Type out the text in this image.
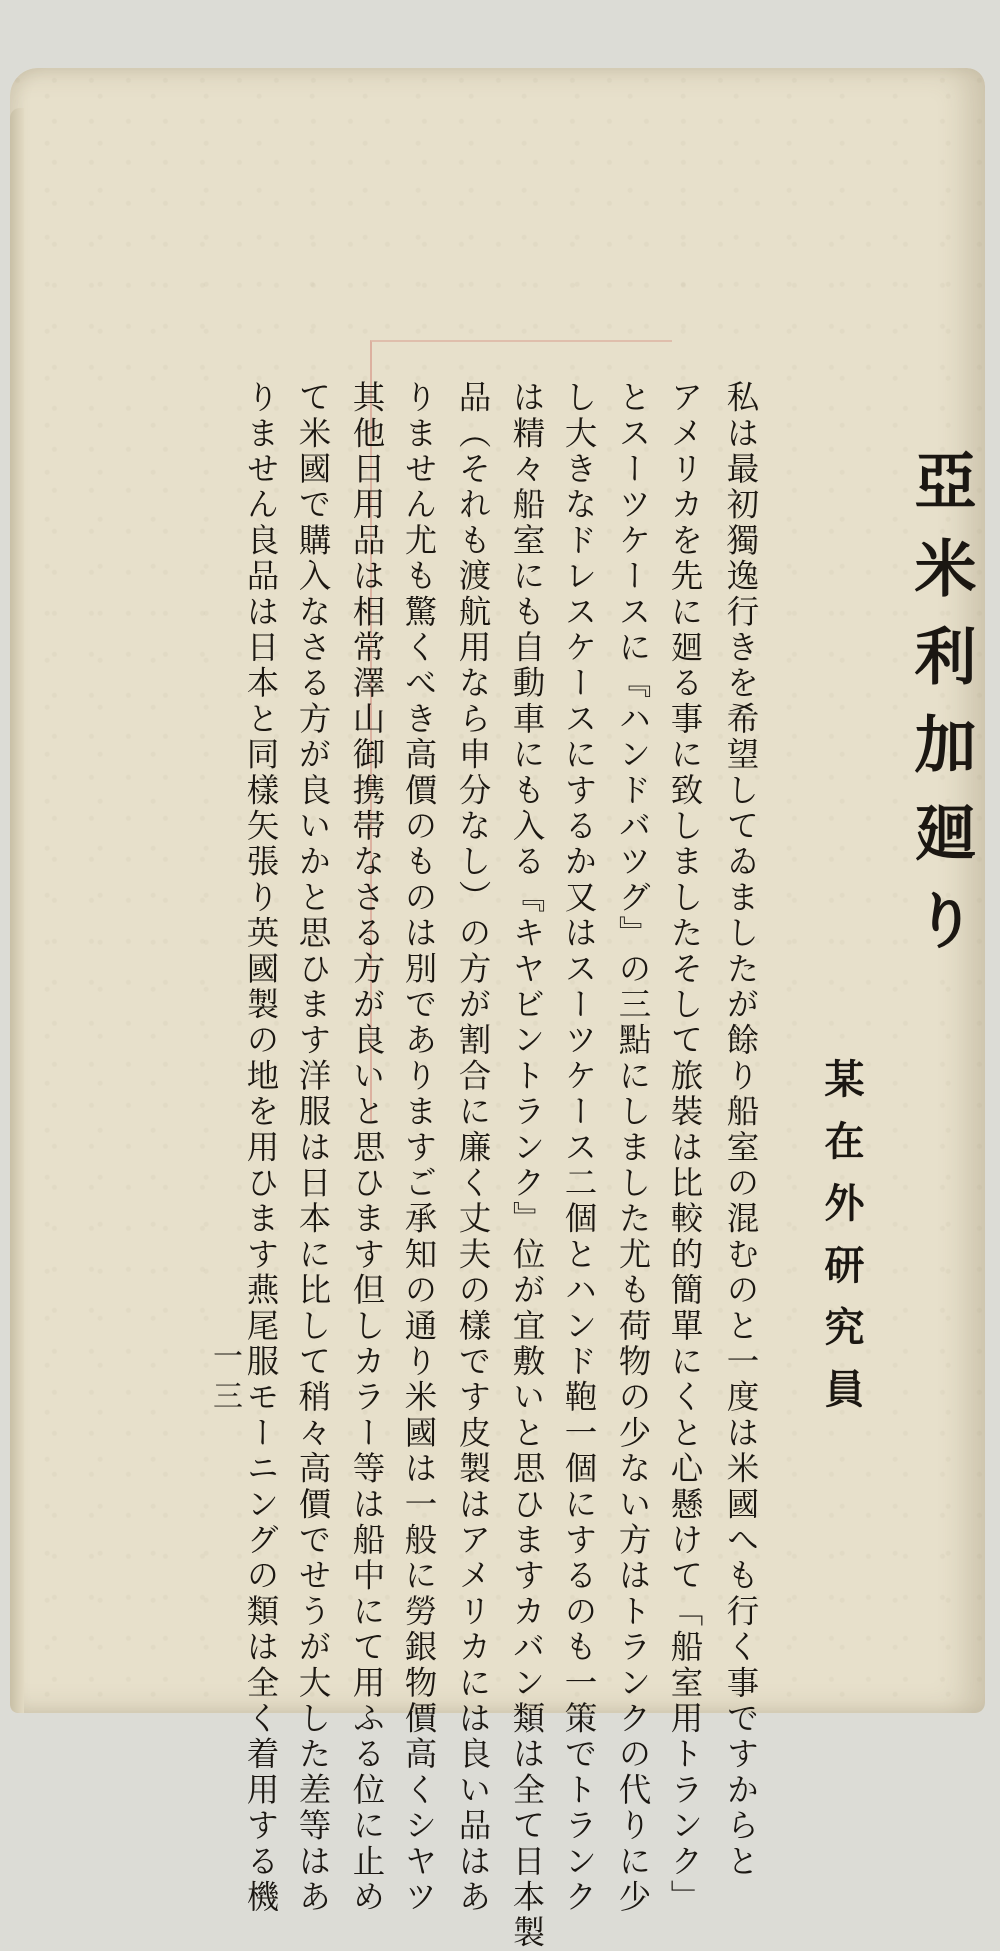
亞米利加廻り
某在外研究員
私は最初獨逸行きを希望してゐましたが餘り船室の混むのと一度は米國へも行く事ですからと
アメリカを先に廻る事に致しましたそして旅裝は比較的簡單にくと心懸けて「船室用トランク」
とスーツケースに『ハンドバツグ』の三點にしました尤も荷物の少ない方はトランクの代りに少
し大きなドレスケースにするか又はスーツケース二個とハンド鞄一個にするのも一策でトランク
は精々船室にも自動車にも入る『キヤビントランク』位が宜敷いと思ひますカバン類は全て日本製
品（それも渡航用なら申分なし）の方が割合に廉く丈夫の樣です皮製はアメリカには良い品はあ
りません尤も驚くべき高價のものは別でありますご承知の通り米國は一般に勞銀物價高くシヤツ
其他日用品は相常澤山御携帯なさる方が良いと思ひます但しカラー等は船中にて用ふる位に止め
て米國で購入なさる方が良いかと思ひます洋服は日本に比して稍々高價でせうが大した差等はあ
りません良品は日本と同樣矢張り英國製の地を用ひます燕尾服モーニングの類は全く着用する機
一三
